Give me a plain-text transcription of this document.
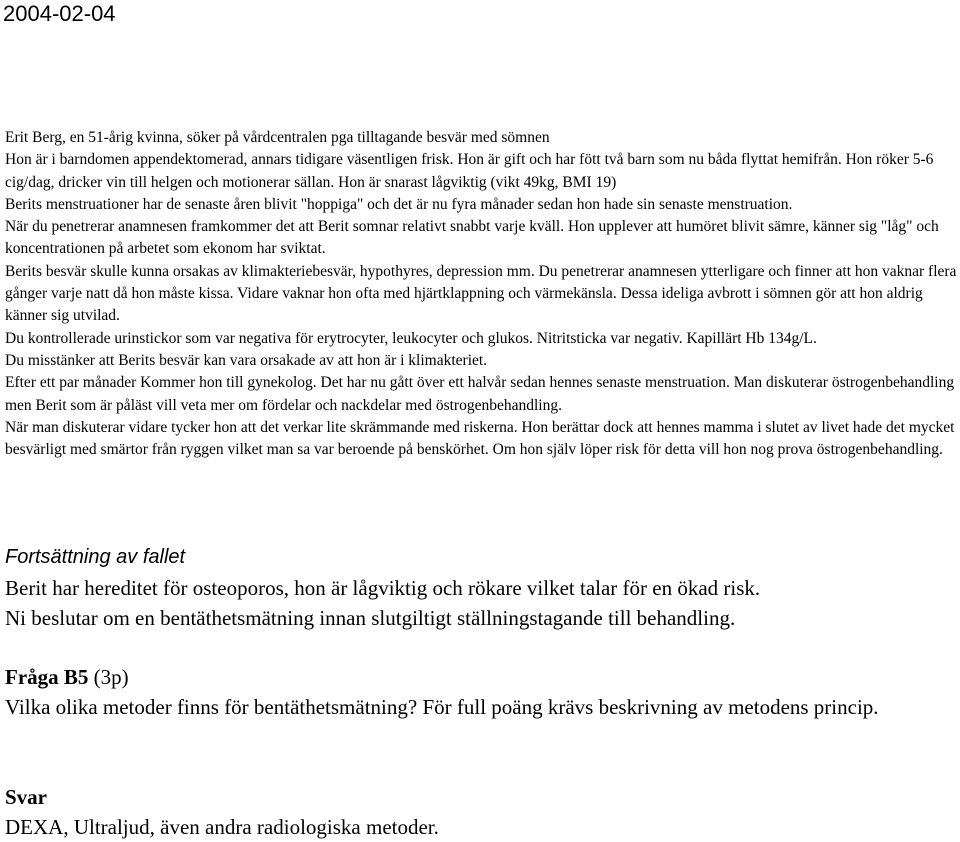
2004-02-04

Erit Berg, en 51-årig kvinna, söker på vårdcentralen pga tilltagande besvär med sömnen

Hon är i barndomen appendektomerad, annars tidigare väsentligen frisk. Hon är gift och har fött två barn som nu båda flyttat hemifrån. Hon röker 5-6 cig/dag, dricker vin till helgen och motionerar sällan. Hon är snarast lågviktig (vikt 49kg, BMI 19)

Berits menstruationer har de senaste åren blivit "hoppiga" och det är nu fyra månader sedan hon hade sin senaste menstruation.

När du penetrerar anamnesen framkommer det att Berit somnar relativt snabbt varje kväll. Hon upplever att humöret blivit sämre, känner sig "låg" och koncentrationen på arbetet som ekonom har sviktat.

Berits besvär skulle kunna orsakas av klimakteriebesvär, hypothyres, depression mm. Du penetrerar anamnesen ytterligare och finner att hon vaknar flera gånger varje natt då hon måste kissa. Vidare vaknar hon ofta med hjärtklappning och värmekänsla. Dessa ideliga avbrott i sömnen gör att hon aldrig känner sig utvilad.

Du kontrollerade urinstickor som var negativa för erytrocyter, leukocyter och glukos. Nitritsticka var negativ. Kapillärt Hb 134g/L.

Du misstänker att Berits besvär kan vara orsakade av att hon är i klimakteriet.

Efter ett par månader Kommer hon till gynekolog. Det har nu gått över ett halvår sedan hennes senaste menstruation. Man diskuterar östrogenbehandling men Berit som är påläst vill veta mer om fördelar och nackdelar med östrogenbehandling.

När man diskuterar vidare tycker hon att det verkar lite skrämmande med riskerna. Hon berättar dock att hennes mamma i slutet av livet hade det mycket besvärligt med smärtor från ryggen vilket man sa var beroende på benskörhet. Om hon själv löper risk för detta vill hon nog prova östrogenbehandling.

Fortsättning av fallet

Berit har hereditet för osteoporos, hon är lågviktig och rökare vilket talar för en ökad risk.

Ni beslutar om en bentäthetsmätning innan slutgiltigt ställningstagande till behandling.

Fråga B5 (3p)

Vilka olika metoder finns för bentäthetsmätning? För full poäng krävs beskrivning av metodens princip.

Svar

DEXA, Ultraljud, även andra radiologiska metoder.
